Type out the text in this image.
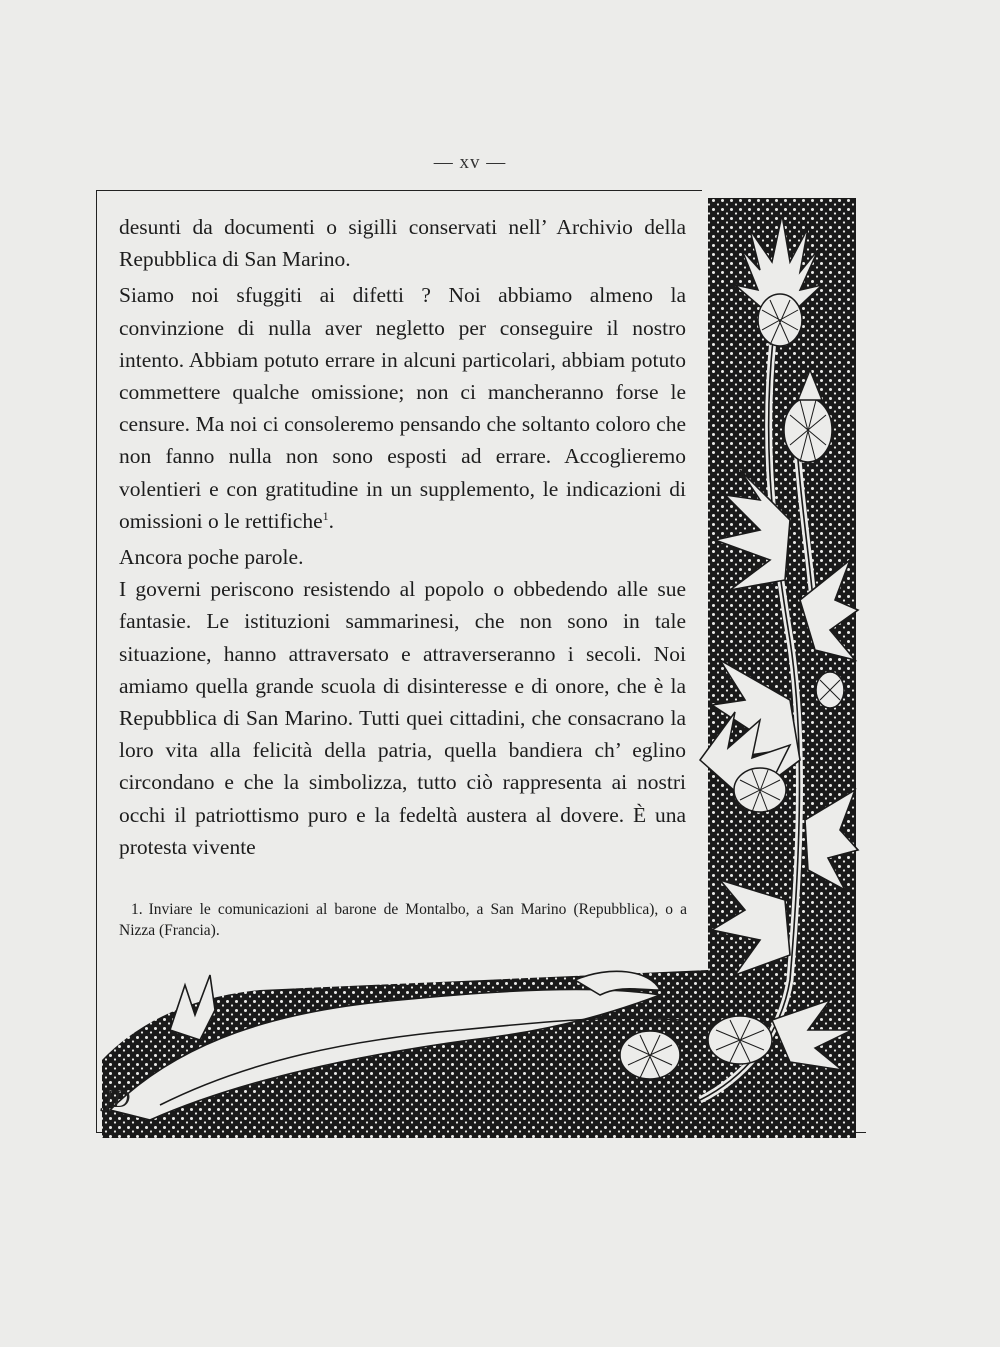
— xv —

desunti da documenti o sigilli conservati nell’ Archivio della Repubblica di San Marino.

Siamo noi sfuggiti ai difetti ? Noi abbiamo almeno la convinzione di nulla aver negletto per conseguire il nostro intento. Abbiam potuto errare in alcuni particolari, abbiam potuto commettere qualche omissione; non ci mancheranno forse le censure. Ma noi ci consoleremo pensando che soltanto coloro che non fanno nulla non sono esposti ad errare. Accoglieremo volentieri e con gratitudine in un supplemento, le indicazioni di omissioni o le rettifiche$^1$.

Ancora poche parole.

I governi periscono resistendo al popolo o obbedendo alle sue fantasie. Le istituzioni sammarinesi, che non sono in tale situazione, hanno attraversato e attraverseranno i secoli. Noi amiamo quella grande scuola di disinteresse e di onore, che è la Repubblica di San Marino. Tutti quei cittadini, che consacrano la loro vita alla felicità della patria, quella bandiera ch’ eglino circondano e che la simbolizza, tutto ciò rappresenta ai nostri occhi il patriottismo puro e la fedeltà austera al dovere. È una protesta vivente

1. Inviare le comunicazioni al barone de Montalbo, a San Marino (Repubblica), o a Nizza (Francia).
JD
